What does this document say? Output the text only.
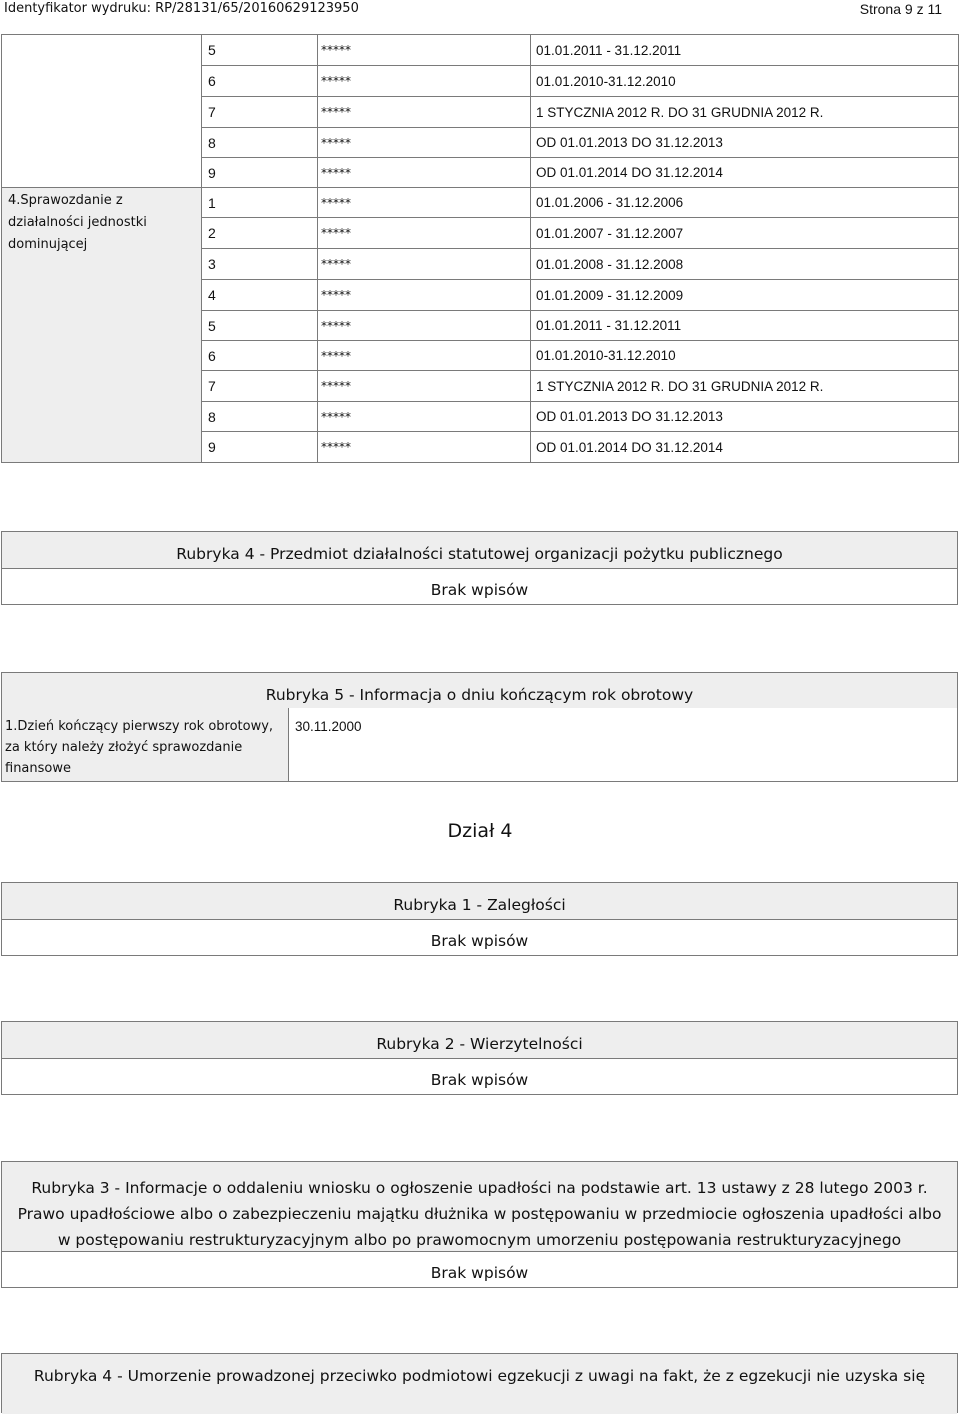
Identyfikator wydruku: RP/28131/65/20160629123950	Strona 9 z 11
	5	*****	01.01.2011 - 31.12.2011
	6	*****	01.01.2010-31.12.2010
	7	*****	1 STYCZNIA 2012 R. DO 31 GRUDNIA 2012 R.
	8	*****	OD 01.01.2013 DO 31.12.2013
	9	*****	OD 01.01.2014 DO 31.12.2014
4.Sprawozdanie z działalności jednostki dominującej	1	*****	01.01.2006 - 31.12.2006
	2	*****	01.01.2007 - 31.12.2007
	3	*****	01.01.2008 - 31.12.2008
	4	*****	01.01.2009 - 31.12.2009
	5	*****	01.01.2011 - 31.12.2011
	6	*****	01.01.2010-31.12.2010
	7	*****	1 STYCZNIA 2012 R. DO 31 GRUDNIA 2012 R.
	8	*****	OD 01.01.2013 DO 31.12.2013
	9	*****	OD 01.01.2014 DO 31.12.2014
Rubryka 4 - Przedmiot działalności statutowej organizacji pożytku publicznego
Brak wpisów
Rubryka 5 - Informacja o dniu kończącym rok obrotowy
1.Dzień kończący pierwszy rok obrotowy, za który należy złożyć sprawozdanie finansowe
30.11.2000
Dział 4
Rubryka 1 - Zaległości
Brak wpisów
Rubryka 2 - Wierzytelności
Brak wpisów
Rubryka 3 - Informacje o oddaleniu wniosku o ogłoszenie upadłości na podstawie art. 13 ustawy z 28 lutego 2003 r. Prawo upadłościowe albo o zabezpieczeniu majątku dłużnika w postępowaniu w przedmiocie ogłoszenia upadłości albo w postępowaniu restrukturyzacyjnym albo po prawomocnym umorzeniu postępowania restrukturyzacyjnego
Brak wpisów
Rubryka 4 - Umorzenie prowadzonej przeciwko podmiotowi egzekucji z uwagi na fakt, że z egzekucji nie uzyska się
